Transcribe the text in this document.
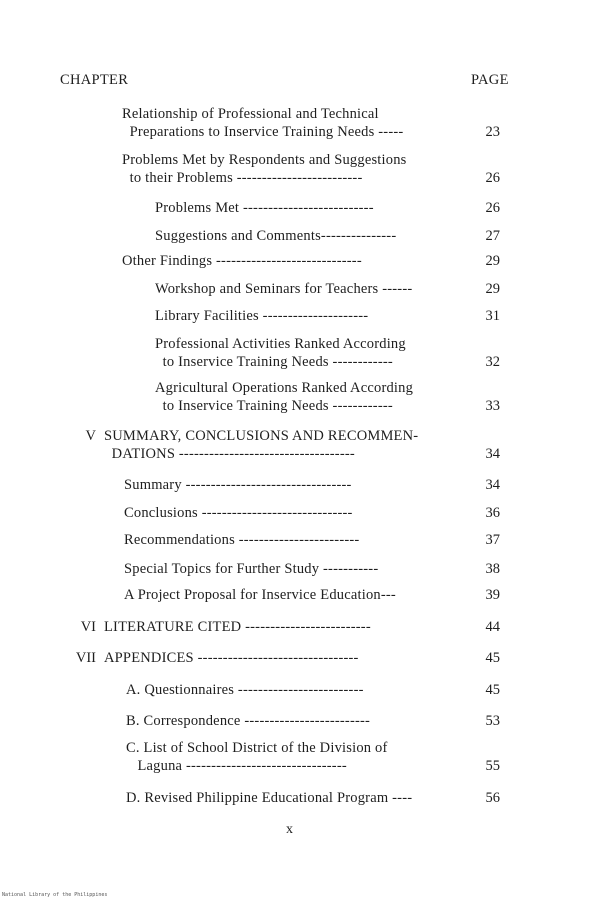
CHAPTER	PAGE
Relationship of Professional and Technical
Preparations to Inservice Training Needs -----	23
Problems Met by Respondents and Suggestions
to their Problems -------------------------	26
Problems Met --------------------------	26
Suggestions and Comments---------------	27
Other Findings -----------------------------	29
Workshop and Seminars for Teachers ------	29
Library Facilities ---------------------	31
Professional Activities Ranked According
to Inservice Training Needs ------------	32
Agricultural Operations Ranked According
to Inservice Training Needs ------------	33
V SUMMARY, CONCLUSIONS AND RECOMMEN-
DATIONS -----------------------------------	34
Summary ---------------------------------	34
Conclusions ------------------------------	36
Recommendations ------------------------	37
Special Topics for Further Study -----------	38
A Project Proposal for Inservice Education---	39
VI LITERATURE CITED -------------------------	44
VII APPENDICES --------------------------------	45
A. Questionnaires -------------------------	45
B. Correspondence -------------------------	53
C. List of School District of the Division of
Laguna --------------------------------	55
D. Revised Philippine Educational Program ----	56
x
National Library of the Philippines
